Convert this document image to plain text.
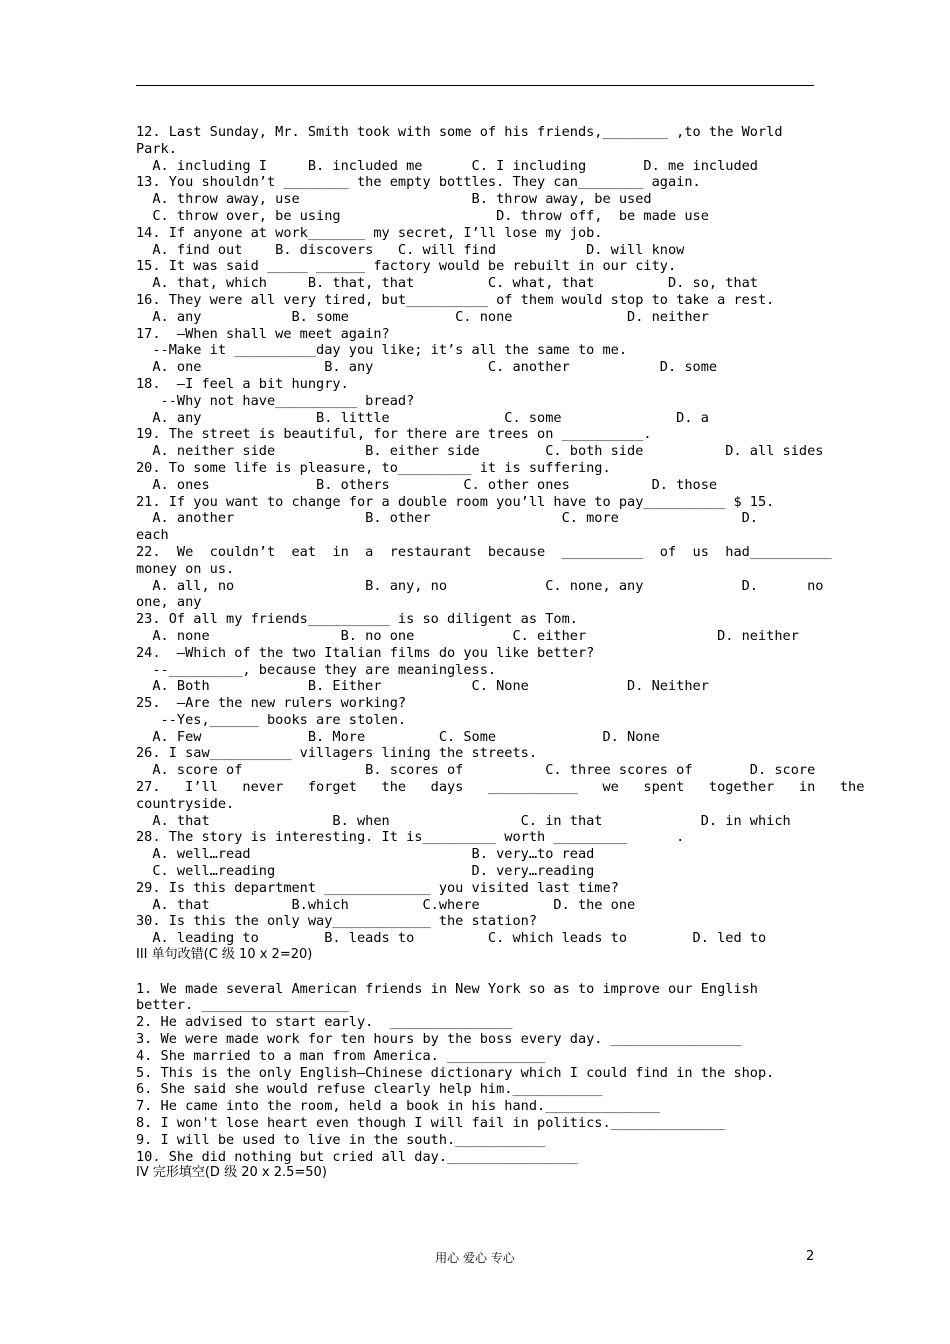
12. Last Sunday, Mr. Smith took with some of his friends,________ ,to the World
Park.
A. including I     B. included me      C. I including       D. me included
13. You shouldn’t ________ the empty bottles. They can________ again.
A. throw away, use                     B. throw away, be used
C. throw over, be using                   D. throw off,  be made use
14. If anyone at work_______ my secret, I’ll lose my job.
A. find out    B. discovers   C. will find           D. will know
15. It was said _____ ______ factory would be rebuilt in our city.
A. that, which     B. that, that         C. what, that         D. so, that
16. They were all very tired, but__________ of them would stop to take a rest.
A. any           B. some             C. none              D. neither
17.  –When shall we meet again?
--Make it __________day you like; it’s all the same to me.
A. one               B. any              C. another           D. some
18.  –I feel a bit hungry.
--Why not have__________ bread?
A. any              B. little              C. some              D. a
19. The street is beautiful, for there are trees on __________.
A. neither side           B. either side        C. both side          D. all sides
20. To some life is pleasure, to_________ it is suffering.
A. ones             B. others         C. other ones          D. those
21. If you want to change for a double room you’ll have to pay__________ $ 15.
A. another                B. other                C. more               D.
each
22.  We  couldn’t  eat  in  a  restaurant  because  __________  of  us  had__________
money on us.
A. all, no                B. any, no            C. none, any            D.      no
one, any
23. Of all my friends__________ is so diligent as Tom.
A. none                B. no one            C. either                D. neither
24.  –Which of the two Italian films do you like better?
--_________, because they are meaningless.
A. Both            B. Either           C. None            D. Neither
25.  –Are the new rulers working?
--Yes,______ books are stolen.
A. Few             B. More         C. Some             D. None
26. I saw__________ villagers lining the streets.
A. score of               B. scores of          C. three scores of       D. score
27.   I’ll   never   forget   the   days   ___________   we   spent   together   in   the
countryside.
A. that               B. when                C. in that            D. in which
28. The story is interesting. It is_________ worth _________      .
A. well…read                           B. very…to read
C. well…reading                        D. very…reading
29. Is this department _____________ you visited last time?
A. that          B.which         C.where         D. the one
30. Is this the only way____________ the station?
A. leading to        B. leads to         C. which leads to        D. led to
III 单句改错(C 级 10 x 2=20)
1. We made several American friends in New York so as to improve our English
better. __________________
2. He advised to start early.  _______________
3. We were made work for ten hours by the boss every day. ________________
4. She married to a man from America. ____________
5. This is the only English—Chinese dictionary which I could find in the shop.
6. She said she would refuse clearly help him.___________
7. He came into the room, held a book in his hand.______________
8. I won't lose heart even though I will fail in politics.______________
9. I will be used to live in the south.___________
10. She did nothing but cried all day.________________
IV 完形填空(D 级 20 x 2.5=50)
用心 爱心 专心	2
